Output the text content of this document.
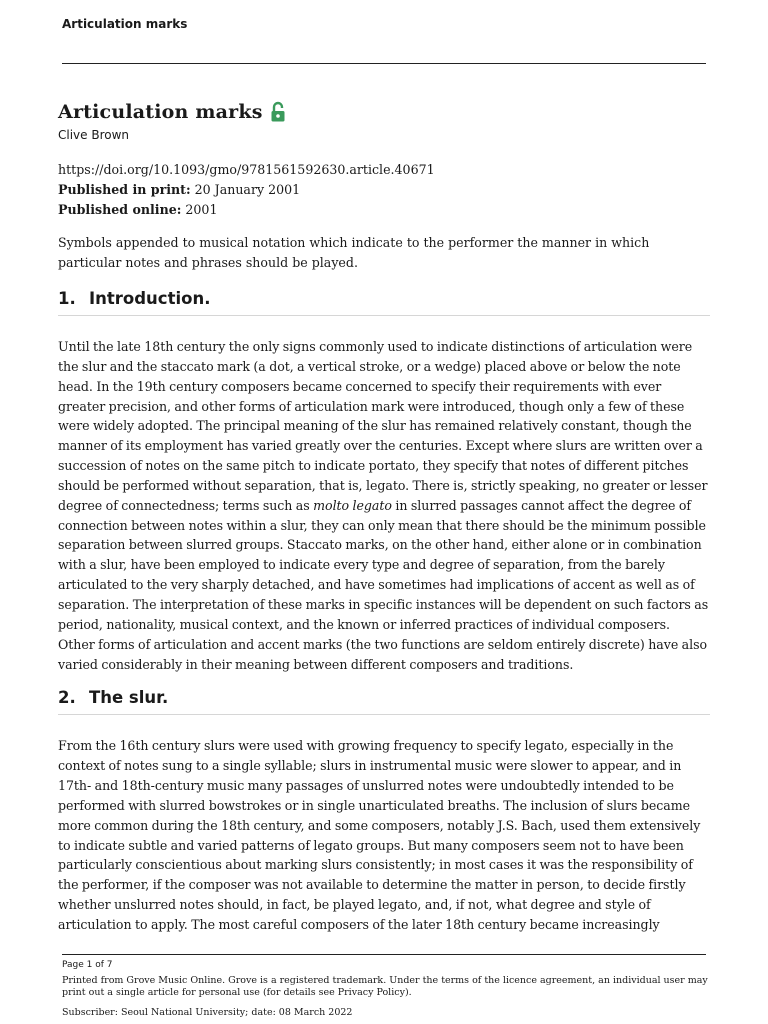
Articulation marks
Articulation marks
Clive Brown
https://doi.org/10.1093/gmo/9781561592630.article.40671
Published in print: 20 January 2001
Published online: 2001
Symbols appended to musical notation which indicate to the performer the manner in which particular notes and phrases should be played.
1. Introduction.
Until the late 18th century the only signs commonly used to indicate distinctions of articulation were the slur and the staccato mark (a dot, a vertical stroke, or a wedge) placed above or below the note head. In the 19th century composers became concerned to specify their requirements with ever greater precision, and other forms of articulation mark were introduced, though only a few of these were widely adopted. The principal meaning of the slur has remained relatively constant, though the manner of its employment has varied greatly over the centuries. Except where slurs are written over a succession of notes on the same pitch to indicate portato, they specify that notes of different pitches should be performed without separation, that is, legato. There is, strictly speaking, no greater or lesser degree of connectedness; terms such as molto legato in slurred passages cannot affect the degree of connection between notes within a slur, they can only mean that there should be the minimum possible separation between slurred groups. Staccato marks, on the other hand, either alone or in combination with a slur, have been employed to indicate every type and degree of separation, from the barely articulated to the very sharply detached, and have sometimes had implications of accent as well as of separation. The interpretation of these marks in specific instances will be dependent on such factors as period, nationality, musical context, and the known or inferred practices of individual composers. Other forms of articulation and accent marks (the two functions are seldom entirely discrete) have also varied considerably in their meaning between different composers and traditions.
2. The slur.
From the 16th century slurs were used with growing frequency to specify legato, especially in the context of notes sung to a single syllable; slurs in instrumental music were slower to appear, and in 17th- and 18th-century music many passages of unslurred notes were undoubtedly intended to be performed with slurred bowstrokes or in single unarticulated breaths. The inclusion of slurs became more common during the 18th century, and some composers, notably J.S. Bach, used them extensively to indicate subtle and varied patterns of legato groups. But many composers seem not to have been particularly conscientious about marking slurs consistently; in most cases it was the responsibility of the performer, if the composer was not available to determine the matter in person, to decide firstly whether unslurred notes should, in fact, be played legato, and, if not, what degree and style of articulation to apply. The most careful composers of the later 18th century became increasingly
Page 1 of 7
Printed from Grove Music Online. Grove is a registered trademark. Under the terms of the licence agreement, an individual user may print out a single article for personal use (for details see Privacy Policy).
Subscriber: Seoul National University; date: 08 March 2022
